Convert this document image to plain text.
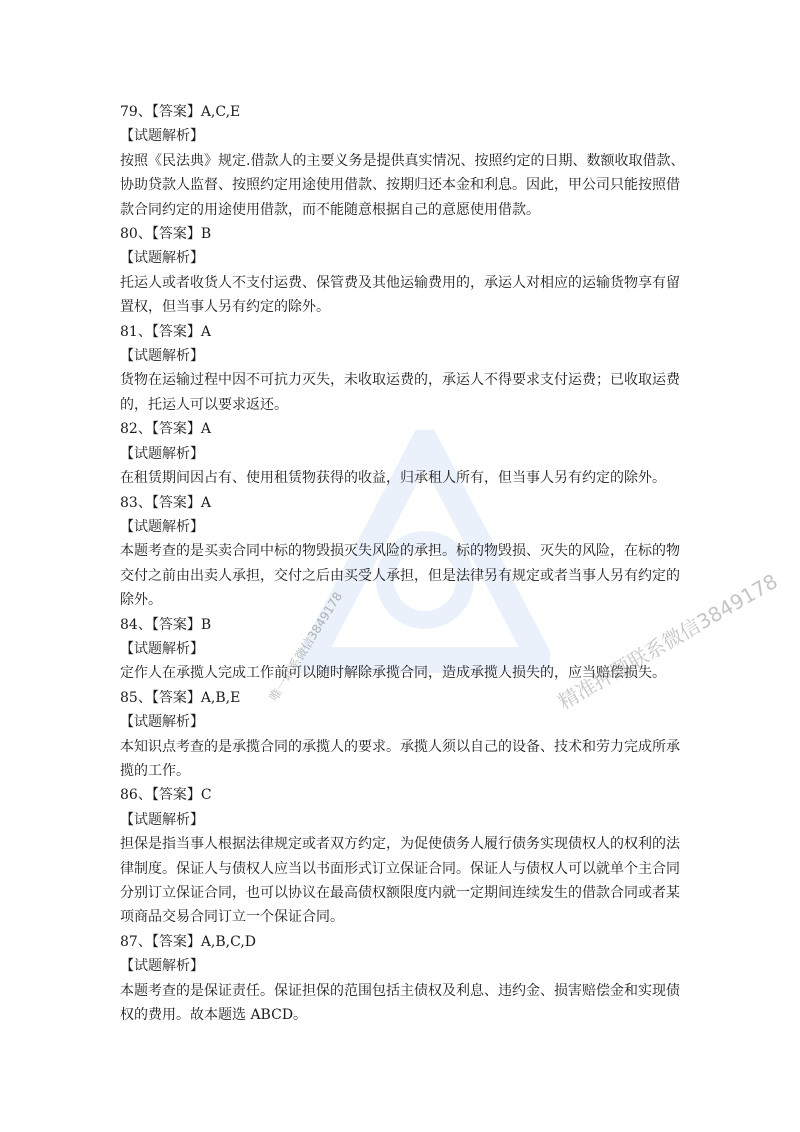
79、【答案】A,C,E
【试题解析】
按照《民法典》规定.借款人的主要义务是提供真实情况、按照约定的日期、数额收取借款、
协助贷款人监督、按照约定用途使用借款、按期归还本金和利息。因此，甲公司只能按照借
款合同约定的用途使用借款，而不能随意根据自己的意愿使用借款。
80、【答案】B
【试题解析】
托运人或者收货人不支付运费、保管费及其他运输费用的，承运人对相应的运输货物享有留
置权，但当事人另有约定的除外。
81、【答案】A
【试题解析】
货物在运输过程中因不可抗力灭失，未收取运费的，承运人不得要求支付运费；已收取运费
的，托运人可以要求返还。
82、【答案】A
【试题解析】
在租赁期间因占有、使用租赁物获得的收益，归承租人所有，但当事人另有约定的除外。
83、【答案】A
【试题解析】
本题考查的是买卖合同中标的物毁损灭失风险的承担。标的物毁损、灭失的风险，在标的物
交付之前由出卖人承担，交付之后由买受人承担，但是法律另有规定或者当事人另有约定的
除外。
84、【答案】B
【试题解析】
定作人在承揽人完成工作前可以随时解除承揽合同，造成承揽人损失的，应当赔偿损失。
85、【答案】A,B,E
【试题解析】
本知识点考查的是承揽合同的承揽人的要求。承揽人须以自己的设备、技术和劳力完成所承
揽的工作。
86、【答案】C
【试题解析】
担保是指当事人根据法律规定或者双方约定，为促使债务人履行债务实现债权人的权利的法
律制度。保证人与债权人应当以书面形式订立保证合同。保证人与债权人可以就单个主合同
分别订立保证合同，也可以协议在最高债权额限度内就一定期间连续发生的借款合同或者某
项商品交易合同订立一个保证合同。
87、【答案】A,B,C,D
【试题解析】
本题考查的是保证责任。保证担保的范围包括主债权及利息、违约金、损害赔偿金和实现债
权的费用。故本题选 ABCD。
唯一联系微信3849178	精准押题联系微信3849178
